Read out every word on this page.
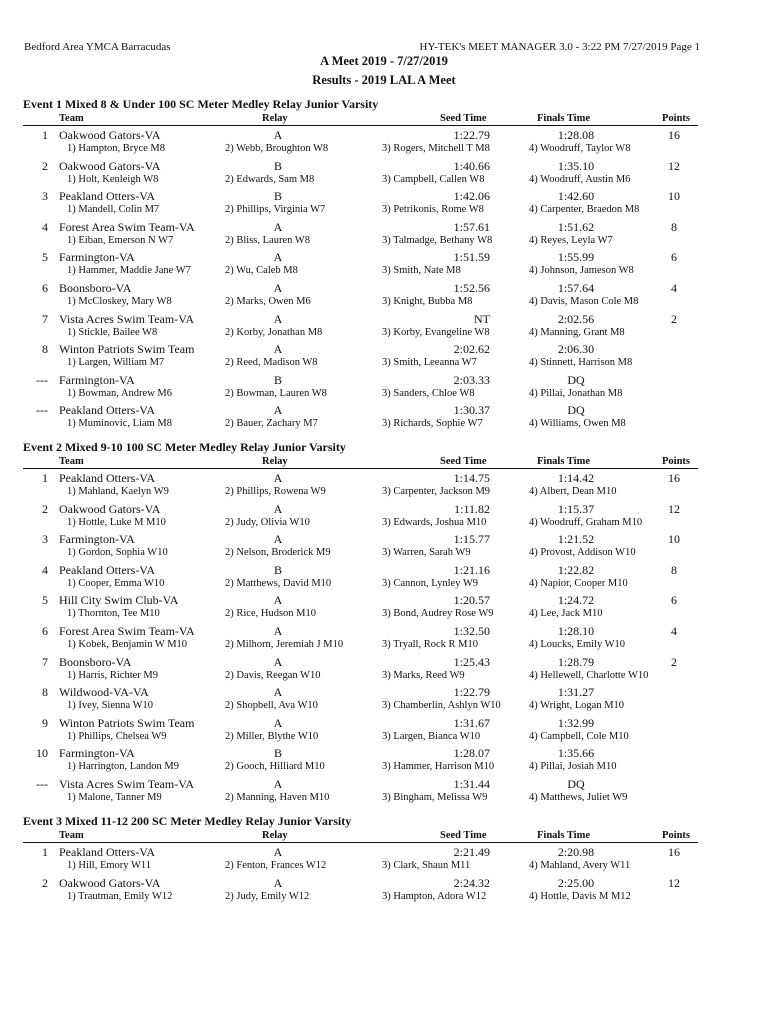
Bedford Area YMCA Barracudas	HY-TEK's MEET MANAGER 3.0 - 3:22 PM 7/27/2019 Page 1
A Meet 2019 - 7/27/2019
Results - 2019 LAL A Meet
Event 1 Mixed 8 & Under 100 SC Meter Medley Relay Junior Varsity
Team	Relay	Seed Time	Finals Time	Points
1 Oakwood Gators-VA	A	1:22.79	1:28.08	16
1) Hampton, Bryce M8	2) Webb, Broughton W8	3) Rogers, Mitchell T M8	4) Woodruff, Taylor W8
2 Oakwood Gators-VA	B	1:40.66	1:35.10	12
1) Holt, Kenleigh W8	2) Edwards, Sam M8	3) Campbell, Callen W8	4) Woodruff, Austin M6
3 Peakland Otters-VA	B	1:42.06	1:42.60	10
1) Mandell, Colin M7	2) Phillips, Virginia W7	3) Petrikonis, Rome W8	4) Carpenter, Braedon M8
4 Forest Area Swim Team-VA	A	1:57.61	1:51.62	8
1) Eiban, Emerson N W7	2) Bliss, Lauren W8	3) Talmadge, Bethany W8	4) Reyes, Leyla W7
5 Farmington-VA	A	1:51.59	1:55.99	6
1) Hammer, Maddie Jane W7	2) Wu, Caleb M8	3) Smith, Nate M8	4) Johnson, Jameson W8
6 Boonsboro-VA	A	1:52.56	1:57.64	4
1) McCloskey, Mary W8	2) Marks, Owen M6	3) Knight, Bubba M8	4) Davis, Mason Cole M8
7 Vista Acres Swim Team-VA	A	NT	2:02.56	2
1) Stickle, Bailee W8	2) Korby, Jonathan M8	3) Korby, Evangeline W8	4) Manning, Grant M8
8 Winton Patriots Swim Team	A	2:02.62	2:06.30
1) Largen, William M7	2) Reed, Madison W8	3) Smith, Leeanna W7	4) Stinnett, Harrison M8
--- Farmington-VA	B	2:03.33	DQ
1) Bowman, Andrew M6	2) Bowman, Lauren W8	3) Sanders, Chloe W8	4) Pillai, Jonathan M8
--- Peakland Otters-VA	A	1:30.37	DQ
1) Muminovic, Liam M8	2) Bauer, Zachary M7	3) Richards, Sophie W7	4) Williams, Owen M8
Event 2 Mixed 9-10 100 SC Meter Medley Relay Junior Varsity
Team	Relay	Seed Time	Finals Time	Points
1 Peakland Otters-VA	A	1:14.75	1:14.42	16
1) Mahland, Kaelyn W9	2) Phillips, Rowena W9	3) Carpenter, Jackson M9	4) Albert, Dean M10
2 Oakwood Gators-VA	A	1:11.82	1:15.37	12
1) Hottle, Luke M M10	2) Judy, Olivia W10	3) Edwards, Joshua M10	4) Woodruff, Graham M10
3 Farmington-VA	A	1:15.77	1:21.52	10
1) Gordon, Sophia W10	2) Nelson, Broderick M9	3) Warren, Sarah W9	4) Provost, Addison W10
4 Peakland Otters-VA	B	1:21.16	1:22.82	8
1) Cooper, Emma W10	2) Matthews, David M10	3) Cannon, Lynley W9	4) Napior, Cooper M10
5 Hill City Swim Club-VA	A	1:20.57	1:24.72	6
1) Thornton, Tee M10	2) Rice, Hudson M10	3) Bond, Audrey Rose W9	4) Lee, Jack M10
6 Forest Area Swim Team-VA	A	1:32.50	1:28.10	4
1) Kobek, Benjamin W M10	2) Milhorn, Jeremiah J M10	3) Tryall, Rock R M10	4) Loucks, Emily W10
7 Boonsboro-VA	A	1:25.43	1:28.79	2
1) Harris, Richter M9	2) Davis, Reegan W10	3) Marks, Reed W9	4) Hellewell, Charlotte W10
8 Wildwood-VA-VA	A	1:22.79	1:31.27
1) Ivey, Sienna W10	2) Shopbell, Ava W10	3) Chamberlin, Ashlyn W10	4) Wright, Logan M10
9 Winton Patriots Swim Team	A	1:31.67	1:32.99
1) Phillips, Chelsea W9	2) Miller, Blythe W10	3) Largen, Bianca W10	4) Campbell, Cole M10
10 Farmington-VA	B	1:28.07	1:35.66
1) Harrington, Landon M9	2) Gooch, Hilliard M10	3) Hammer, Harrison M10	4) Pillai, Josiah M10
--- Vista Acres Swim Team-VA	A	1:31.44	DQ
1) Malone, Tanner M9	2) Manning, Haven M10	3) Bingham, Melissa W9	4) Matthews, Juliet W9
Event 3 Mixed 11-12 200 SC Meter Medley Relay Junior Varsity
Team	Relay	Seed Time	Finals Time	Points
1 Peakland Otters-VA	A	2:21.49	2:20.98	16
1) Hill, Emory W11	2) Fenton, Frances W12	3) Clark, Shaun M11	4) Mahland, Avery W11
2 Oakwood Gators-VA	A	2:24.32	2:25.00	12
1) Trautman, Emily W12	2) Judy, Emily W12	3) Hampton, Adora W12	4) Hottle, Davis M M12
